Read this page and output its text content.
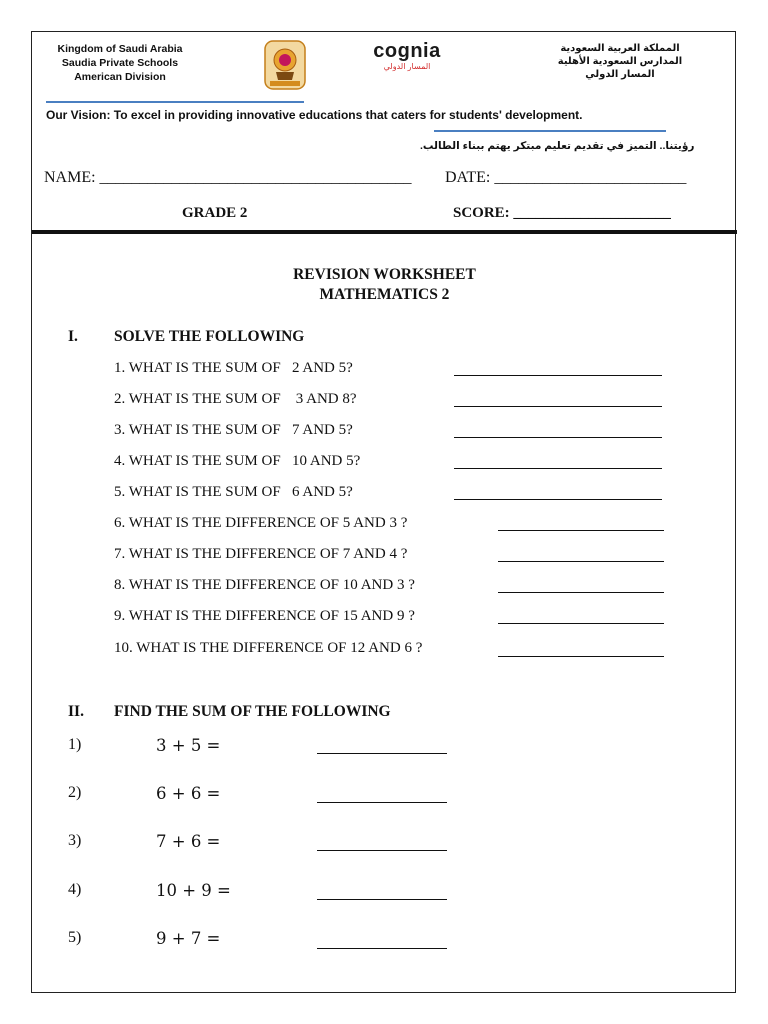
Kingdom of Saudi Arabia
Saudia Private Schools
American Division
cognia
المسار الدولي
المملكة العربية السعودية
المدارس السعودية الأهلية
المسار الدولي
Our Vision: To excel in providing innovative educations that caters for students' development.
رؤيتنا.. التميز في تقديم تعليم مبتكر يهتم ببناء الطالب.
NAME: _______________________________________ DATE: ________________________
GRADE 2	SCORE: _____________________
REVISION WORKSHEET
MATHEMATICS 2
I. SOLVE THE FOLLOWING
1. WHAT IS THE SUM OF   2 AND 5?
2. WHAT IS THE SUM OF    3 AND 8?
3. WHAT IS THE SUM OF   7 AND 5?
4. WHAT IS THE SUM OF   10 AND 5?
5. WHAT IS THE SUM OF   6 AND 5?
6. WHAT IS THE DIFFERENCE OF 5 AND 3 ?
7. WHAT IS THE DIFFERENCE OF 7 AND 4 ?
8. WHAT IS THE DIFFERENCE OF 10 AND 3 ?
9. WHAT IS THE DIFFERENCE OF 15 AND 9 ?
10. WHAT IS THE DIFFERENCE OF 12 AND 6 ?
II. FIND THE SUM OF THE FOLLOWING
1)	3 + 5 =
2)	6 + 6 =
3)	7 + 6 =
4)	10 + 9 =
5)	9 + 7 =
